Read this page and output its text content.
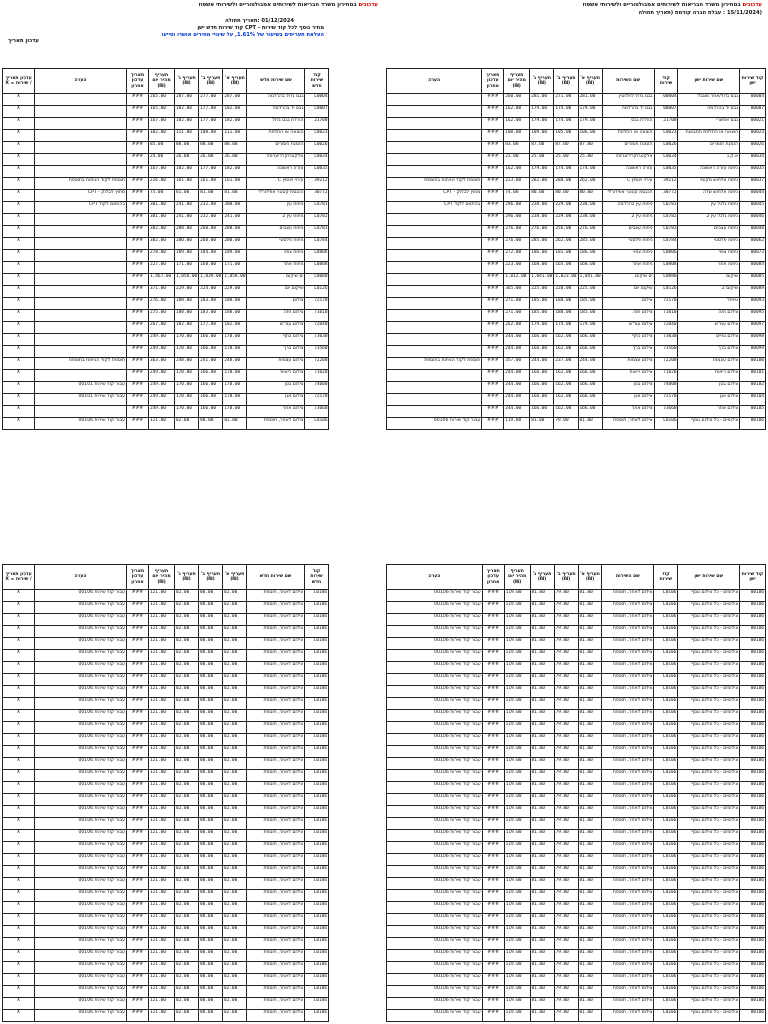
עדכונים במחירון משרד הבריאות לשירותים אמבולטוריים ולשירותי אשפוז
(15/11/2024 : עבלת חברה קודמת (תאריך תחולה
עדכונים במחירון משרד הבריאות לשירותים אמבולטוריים ולשירותי אשפוז
01/12/2024 :תאריך תחולה
מחיר נוסף לכל קוד שירות - CPT קוד שירות חדש ישן
העלאת תעריפים בשיעור של 1.61%, על שינויי מחירים אושרו וסייעו
עדכון תאריך
קוד שירות ישן	שם שירות ישן	קוד שירות	שם השירות	תעריף א' (₪)	תעריף ב' (₪)	תעריף ג' (₪)	תעריף מהיר יום (₪)	תאריך עדכון אחרון	הערה
00004	גבס גדול/אחר מוגבל	00004	גבס גדול לחלוטין	281.00	271.00	281.00	260.00	###	
00007	גבס יד בהרדמה	00007	גבס יד בהרדמה	179.00	174.00	179.00	162.00	###	
00021	גבס אפשרי	21700	הורדת גבס	179.00	174.00	179.00	162.00	###	
00023	הוצאה או החלפת תחבושת	L0023	הוצאה או החלפת	106.00	105.00	109.00	100.00	###	
00026	הזמנת חומרים	L0026	הזמנת חומרים	87.00	87.00	87.00	83.00	###	
00034	א.ק.ג	L0034	אלקטרוקרדיוגרמה	25.00	25.00	25.00	23.00	###	
00035	ניתוח עזרה ראשונה	L0035	עזרה ראשונה	174.00	174.00	179.00	162.00	###	
00037	ניתוח אלחוש מקומי	39212	עירוי ויטמין C	262.00	280.00	282.00	223.00	###	תוספת לקוד הניתוח בתוספת
00044	ניתוח אלחוש שדה	30772	הכנסת קטטר אפידורלי	80.00	80.00	80.00	74.00	###	מחוץ לבלוק - CPT
00045	ניתוח גלגל עין	L0781	ניתוח עין בהרדמה	238.00	229.00	238.00	296.00	###	בהתאם לקוד CPT
00046	ניתוח גלגל עין 2	L0782	ניתוח עין 2	238.00	229.00	238.00	296.00	###	
00048	ניתוח עצבים	L0783	ניתוח עצבים	276.00	256.00	276.00	276.00	###	
00062	ניתוח פלסטי	L0784	ניתוח פלסטי	285.00	262.00	285.00	276.00	###	
00073	ניתוח צפוי	L0806	ניתוח צפוי	186.00	181.00	186.00	272.00	###	
00084	ניתוח אחר	L0808	ניתוח אחר	168.00	165.00	168.00	223.00	###	
00085	שיקום	L0080	ים שיקום	1,041.00	1,023.00	1,041.00	1,012.00	###	
00089	שיקום 2	L0126	שיקום יום	225.00	220.00	225.00	365.00	###	
00093	טיפול	72170	צילום	185.00	180.00	185.00	271.00	###	
00095	צילום חזה	71010	צילום חזה	185.00	180.00	185.00	271.00	###	
00097	צילום עמ"ש	72040	צילום עמ"ש	179.00	174.00	179.00	262.00	###	
00098	צילום גפיים	73030	צילום כתף	166.00	162.00	166.00	244.00	###	
00099	צילום ברך	73560	צילום ברך	166.00	162.00	166.00	244.00	###	
00100	צילום עצמות	72200	צילום עצמות	244.00	237.00	244.00	357.00	###	תוספת לקוד הניתוח בתוספת
00101	צילום ריאות	71020	צילום ריאות	166.00	162.00	166.00	244.00	###	
00102	צילום בטן	74000	צילום בטן	166.00	162.00	166.00	244.00	###	
00104	צילום אגן	72170	צילום אגן	166.00	162.00	166.00	244.00	###	
00105	צילום אחר	73660	צילום אחר	166.00	162.00	166.00	244.00	###	
00106	צילומים - כל צילום נוסף	L0106	צילום לאחר, תוספת	81.00	79.00	81.00	119.00	###	עבור קוד שירות 00106
קוד שירות חדש	שם שירות חדש	תעריף א' (₪)	תעריף ב' (₪)	תעריף ג' (₪)	תעריף מהיר יום (₪)	תאריך עדכון אחרון	הערה	עדכון תאריך / שירות = X
L0004	גבס גדול בהרדמה	287.00	277.00	287.00	265.00	###		X
L0007	גבס יד בהרדמה	182.00	177.00	182.00	165.00	###		X
21700	הורדת גבס גדול	182.00	177.00	182.00	167.00	###		X
L0023	הוצאה או החלפת	111.00	108.00	111.00	102.00	###		X
L0026	הזמנת חומרים	88.00	88.00	88.00	85.00	###		X
L0034	אלקטרוקרדיוגרמה	26.00	26.00	26.00	24.00	###		X
L0035	עזרה ראשונה	182.00	177.00	182.00	167.00	###		X
39212	עירוי ויטמין C	161.00	161.00	161.00	226.00	###	תוספת לקוד הניתוח בתוספת	X
30772	הכנסת קטטר אפידורלי	81.00	81.00	81.00	75.00	###	מחוץ לבלוק - CPT	X
L0781	ניתוח עין	300.00	232.00	241.00	301.00	###	בהתאם לקוד CPT	X
L0782	ניתוח עין 2	241.00	232.00	241.00	301.00	###		X
L0783	ניתוח עצבים	280.00	260.00	280.00	382.00	###		X
L0784	ניתוח פלסטי	280.00	260.00	280.00	382.00	###		X
L0806	ניתוח צפוי	189.00	184.00	189.00	278.00	###		X
L0808	ניתוח אחר	171.00	168.00	171.00	227.00	###		X
L0080	ים שיקום	1,058.00	1,039.00	1,058.00	1,467.00	###		X
L0126	שיקום יום	229.00	224.00	229.00	371.00	###		X
72170	צילום	188.00	183.00	188.00	276.00	###		X
71010	צילום חזה	188.00	183.00	188.00	275.00	###		X
72040	צילום עמ"ש	182.00	177.00	182.00	267.00	###		X
73030	צילום כתף	170.00	166.00	170.00	249.00	###		X
73560	צילום ברך	170.00	166.00	170.00	249.00	###		X
72200	צילום עצמות	248.00	241.00	248.00	363.00	###	תוספת לקוד הניתוח בתוספת	X
71020	צילום ריאות	170.00	166.00	170.00	249.00	###		X
74000	צילום בטן	170.00	166.00	170.00	249.00	###	עבור קוד שירות 00101	X
72170	צילום אגן	170.00	166.00	170.00	249.00	###	עבור קוד שירות 00101	X
73660	צילום אחר	170.00	166.00	170.00	249.00	###		X
L0106	צילום לאחר, תוספת	82.00	80.00	82.00	121.00	###	עבור קוד שירות 00106	X
קוד שירות ישן	שם שירות ישן	קוד שירות	שם השירות	תעריף א' (₪)	תעריף ב' (₪)	תעריף ג' (₪)	תעריף מהיר יום (₪)	תאריך עדכון אחרון	הערה
00106	צילומים - כל צילום נוסף	L0106	צילום לאחר, תוספת	81.00	79.00	81.00	119.00	###	עבור קוד שירות 00106
00106	צילומים - כל צילום נוסף	L0106	צילום לאחר, תוספת	81.00	79.00	81.00	119.00	###	עבור קוד שירות 00106
00106	צילומים - כל צילום נוסף	L0106	צילום לאחר, תוספת	81.00	79.00	81.00	119.00	###	עבור קוד שירות 00106
00106	צילומים - כל צילום נוסף	L0106	צילום לאחר, תוספת	81.00	79.00	81.00	119.00	###	עבור קוד שירות 00106
00106	צילומים - כל צילום נוסף	L0106	צילום לאחר, תוספת	81.00	79.00	81.00	119.00	###	עבור קוד שירות 00106
00106	צילומים - כל צילום נוסף	L0106	צילום לאחר, תוספת	81.00	79.00	81.00	119.00	###	עבור קוד שירות 00106
00106	צילומים - כל צילום נוסף	L0106	צילום לאחר, תוספת	81.00	79.00	81.00	119.00	###	עבור קוד שירות 00106
00106	צילומים - כל צילום נוסף	L0106	צילום לאחר, תוספת	81.00	79.00	81.00	119.00	###	עבור קוד שירות 00106
00106	צילומים - כל צילום נוסף	L0106	צילום לאחר, תוספת	81.00	79.00	81.00	119.00	###	עבור קוד שירות 00106
00106	צילומים - כל צילום נוסף	L0106	צילום לאחר, תוספת	81.00	79.00	81.00	119.00	###	עבור קוד שירות 00106
00106	צילומים - כל צילום נוסף	L0106	צילום לאחר, תוספת	81.00	79.00	81.00	119.00	###	עבור קוד שירות 00106
00106	צילומים - כל צילום נוסף	L0106	צילום לאחר, תוספת	81.00	79.00	81.00	119.00	###	עבור קוד שירות 00106
00106	צילומים - כל צילום נוסף	L0106	צילום לאחר, תוספת	81.00	79.00	81.00	119.00	###	עבור קוד שירות 00106
00106	צילומים - כל צילום נוסף	L0106	צילום לאחר, תוספת	81.00	79.00	81.00	119.00	###	עבור קוד שירות 00106
00106	צילומים - כל צילום נוסף	L0106	צילום לאחר, תוספת	81.00	79.00	81.00	119.00	###	עבור קוד שירות 00106
00106	צילומים - כל צילום נוסף	L0106	צילום לאחר, תוספת	81.00	79.00	81.00	119.00	###	עבור קוד שירות 00106
00106	צילומים - כל צילום נוסף	L0106	צילום לאחר, תוספת	81.00	79.00	81.00	119.00	###	עבור קוד שירות 00106
00106	צילומים - כל צילום נוסף	L0106	צילום לאחר, תוספת	81.00	79.00	81.00	119.00	###	עבור קוד שירות 00106
00106	צילומים - כל צילום נוסף	L0106	צילום לאחר, תוספת	81.00	79.00	81.00	119.00	###	עבור קוד שירות 00106
00106	צילומים - כל צילום נוסף	L0106	צילום לאחר, תוספת	81.00	79.00	81.00	119.00	###	עבור קוד שירות 00106
00106	צילומים - כל צילום נוסף	L0106	צילום לאחר, תוספת	81.00	79.00	81.00	119.00	###	עבור קוד שירות 00106
00106	צילומים - כל צילום נוסף	L0106	צילום לאחר, תוספת	81.00	79.00	81.00	119.00	###	עבור קוד שירות 00106
00106	צילומים - כל צילום נוסף	L0106	צילום לאחר, תוספת	81.00	79.00	81.00	119.00	###	עבור קוד שירות 00106
00106	צילומים - כל צילום נוסף	L0106	צילום לאחר, תוספת	81.00	79.00	81.00	119.00	###	עבור קוד שירות 00106
00106	צילומים - כל צילום נוסף	L0106	צילום לאחר, תוספת	81.00	79.00	81.00	119.00	###	עבור קוד שירות 00106
00106	צילומים - כל צילום נוסף	L0106	צילום לאחר, תוספת	81.00	79.00	81.00	119.00	###	עבור קוד שירות 00106
00106	צילומים - כל צילום נוסף	L0106	צילום לאחר, תוספת	81.00	79.00	81.00	119.00	###	עבור קוד שירות 00106
00106	צילומים - כל צילום נוסף	L0106	צילום לאחר, תוספת	81.00	79.00	81.00	119.00	###	עבור קוד שירות 00106
00106	צילומים - כל צילום נוסף	L0106	צילום לאחר, תוספת	81.00	79.00	81.00	119.00	###	עבור קוד שירות 00106
00106	צילומים - כל צילום נוסף	L0106	צילום לאחר, תוספת	81.00	79.00	81.00	119.00	###	עבור קוד שירות 00106
00106	צילומים - כל צילום נוסף	L0106	צילום לאחר, תוספת	81.00	79.00	81.00	119.00	###	עבור קוד שירות 00106
00106	צילומים - כל צילום נוסף	L0106	צילום לאחר, תוספת	81.00	79.00	81.00	119.00	###	עבור קוד שירות 00106
00106	צילומים - כל צילום נוסף	L0106	צילום לאחר, תוספת	81.00	79.00	81.00	119.00	###	עבור קוד שירות 00106
00106	צילומים - כל צילום נוסף	L0106	צילום לאחר, תוספת	81.00	79.00	81.00	119.00	###	עבור קוד שירות 00106
00106	צילומים - כל צילום נוסף	L0106	צילום לאחר, תוספת	81.00	79.00	81.00	119.00	###	עבור קוד שירות 00106
00106	צילומים - כל צילום נוסף	L0106	צילום לאחר, תוספת	81.00	79.00	81.00	119.00	###	עבור קוד שירות 00106
קוד שירות חדש	שם שירות חדש	תעריף א' (₪)	תעריף ב' (₪)	תעריף ג' (₪)	תעריף מהיר יום (₪)	תאריך עדכון אחרון	הערה	עדכון תאריך / שירות = X
L0106	צילום לאחר, תוספת	82.00	80.00	82.00	121.00	###	עבור קוד שירות 00106	X
L0106	צילום לאחר, תוספת	82.00	80.00	82.00	121.00	###	עבור קוד שירות 00106	X
L0106	צילום לאחר, תוספת	82.00	80.00	82.00	121.00	###	עבור קוד שירות 00106	X
L0106	צילום לאחר, תוספת	82.00	80.00	82.00	121.00	###	עבור קוד שירות 00106	X
L0106	צילום לאחר, תוספת	82.00	80.00	82.00	121.00	###	עבור קוד שירות 00106	X
L0106	צילום לאחר, תוספת	82.00	80.00	82.00	121.00	###	עבור קוד שירות 00106	X
L0106	צילום לאחר, תוספת	82.00	80.00	82.00	121.00	###	עבור קוד שירות 00106	X
L0106	צילום לאחר, תוספת	82.00	80.00	82.00	121.00	###	עבור קוד שירות 00106	X
L0106	צילום לאחר, תוספת	82.00	80.00	82.00	121.00	###	עבור קוד שירות 00106	X
L0106	צילום לאחר, תוספת	82.00	80.00	82.00	121.00	###	עבור קוד שירות 00106	X
L0106	צילום לאחר, תוספת	82.00	80.00	82.00	121.00	###	עבור קוד שירות 00106	X
L0106	צילום לאחר, תוספת	82.00	80.00	82.00	121.00	###	עבור קוד שירות 00106	X
L0106	צילום לאחר, תוספת	82.00	80.00	82.00	121.00	###	עבור קוד שירות 00106	X
L0106	צילום לאחר, תוספת	82.00	80.00	82.00	121.00	###	עבור קוד שירות 00106	X
L0106	צילום לאחר, תוספת	82.00	80.00	82.00	121.00	###	עבור קוד שירות 00106	X
L0106	צילום לאחר, תוספת	82.00	80.00	82.00	121.00	###	עבור קוד שירות 00106	X
L0106	צילום לאחר, תוספת	82.00	80.00	82.00	121.00	###	עבור קוד שירות 00106	X
L0106	צילום לאחר, תוספת	82.00	80.00	82.00	121.00	###	עבור קוד שירות 00106	X
L0106	צילום לאחר, תוספת	82.00	80.00	82.00	121.00	###	עבור קוד שירות 00106	X
L0106	צילום לאחר, תוספת	82.00	80.00	82.00	121.00	###	עבור קוד שירות 00106	X
L0106	צילום לאחר, תוספת	82.00	80.00	82.00	121.00	###	עבור קוד שירות 00106	X
L0106	צילום לאחר, תוספת	82.00	80.00	82.00	121.00	###	עבור קוד שירות 00106	X
L0106	צילום לאחר, תוספת	82.00	80.00	82.00	121.00	###	עבור קוד שירות 00106	X
L0106	צילום לאחר, תוספת	82.00	80.00	82.00	121.00	###	עבור קוד שירות 00106	X
L0106	צילום לאחר, תוספת	82.00	80.00	82.00	121.00	###	עבור קוד שירות 00106	X
L0106	צילום לאחר, תוספת	82.00	80.00	82.00	121.00	###	עבור קוד שירות 00106	X
L0106	צילום לאחר, תוספת	82.00	80.00	82.00	121.00	###	עבור קוד שירות 00106	X
L0106	צילום לאחר, תוספת	82.00	80.00	82.00	121.00	###	עבור קוד שירות 00106	X
L0106	צילום לאחר, תוספת	82.00	80.00	82.00	121.00	###	עבור קוד שירות 00106	X
L0106	צילום לאחר, תוספת	82.00	80.00	82.00	121.00	###	עבור קוד שירות 00106	X
L0106	צילום לאחר, תוספת	82.00	80.00	82.00	121.00	###	עבור קוד שירות 00106	X
L0106	צילום לאחר, תוספת	82.00	80.00	82.00	121.00	###	עבור קוד שירות 00106	X
L0106	צילום לאחר, תוספת	82.00	80.00	82.00	121.00	###	עבור קוד שירות 00106	X
L0106	צילום לאחר, תוספת	82.00	80.00	82.00	121.00	###	עבור קוד שירות 00106	X
L0106	צילום לאחר, תוספת	82.00	80.00	82.00	121.00	###	עבור קוד שירות 00106	X
L0106	צילום לאחר, תוספת	82.00	80.00	82.00	121.00	###	עבור קוד שירות 00106	X
